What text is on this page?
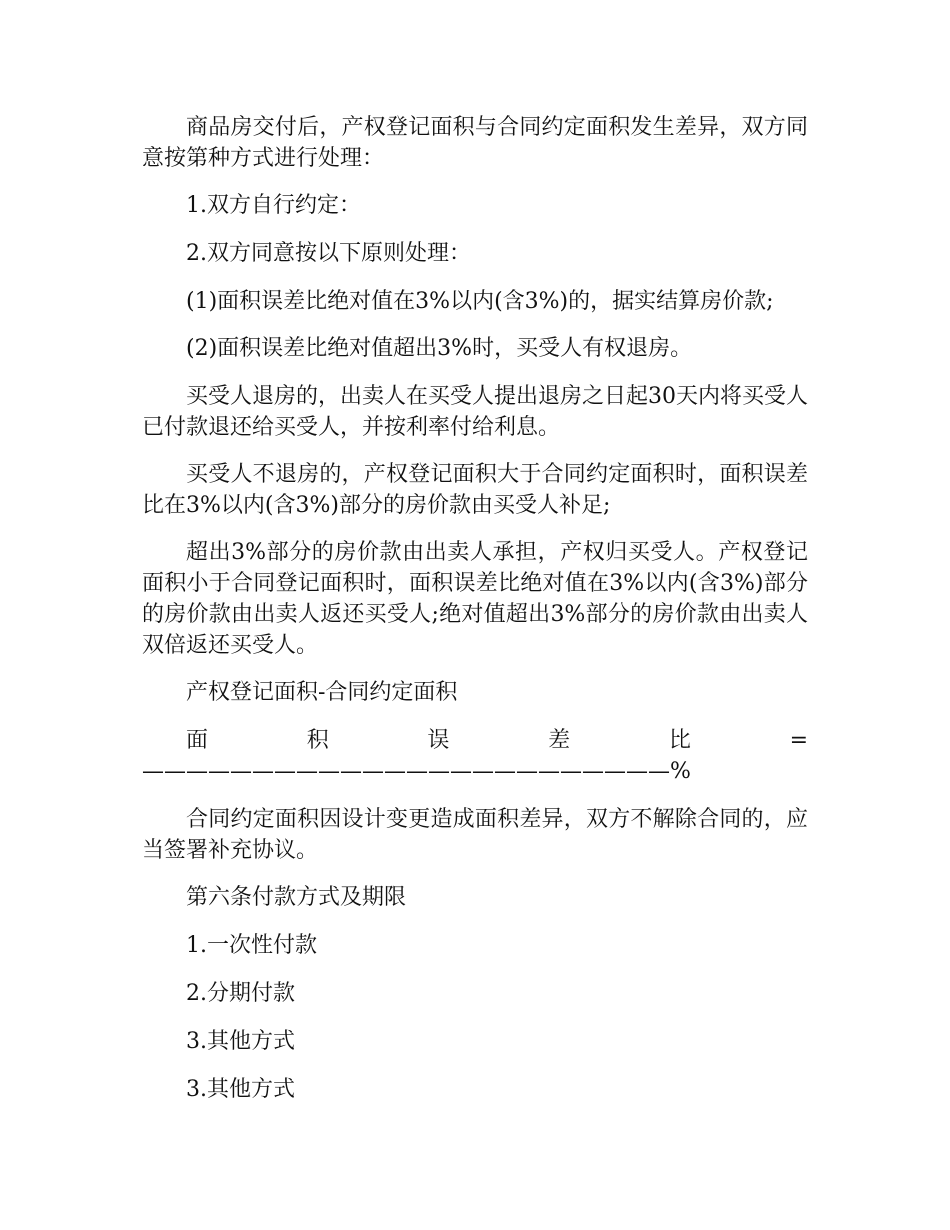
商品房交付后，产权登记面积与合同约定面积发生差异，双方同意按第种方式进行处理：

1.双方自行约定：

2.双方同意按以下原则处理：

(1)面积误差比绝对值在3%以内(含3%)的，据实结算房价款;

(2)面积误差比绝对值超出3%时，买受人有权退房。

买受人退房的，出卖人在买受人提出退房之日起30天内将买受人已付款退还给买受人，并按利率付给利息。

买受人不退房的，产权登记面积大于合同约定面积时，面积误差比在3%以内(含3%)部分的房价款由买受人补足;

超出3%部分的房价款由出卖人承担，产权归买受人。产权登记面积小于合同登记面积时，面积误差比绝对值在3%以内(含3%)部分的房价款由出卖人返还买受人;绝对值超出3%部分的房价款由出卖人双倍返还买受人。

产权登记面积-合同约定面积

面积误差比=————————————————————————%

合同约定面积因设计变更造成面积差异，双方不解除合同的，应当签署补充协议。

第六条付款方式及期限

1.一次性付款

2.分期付款

3.其他方式

3.其他方式
